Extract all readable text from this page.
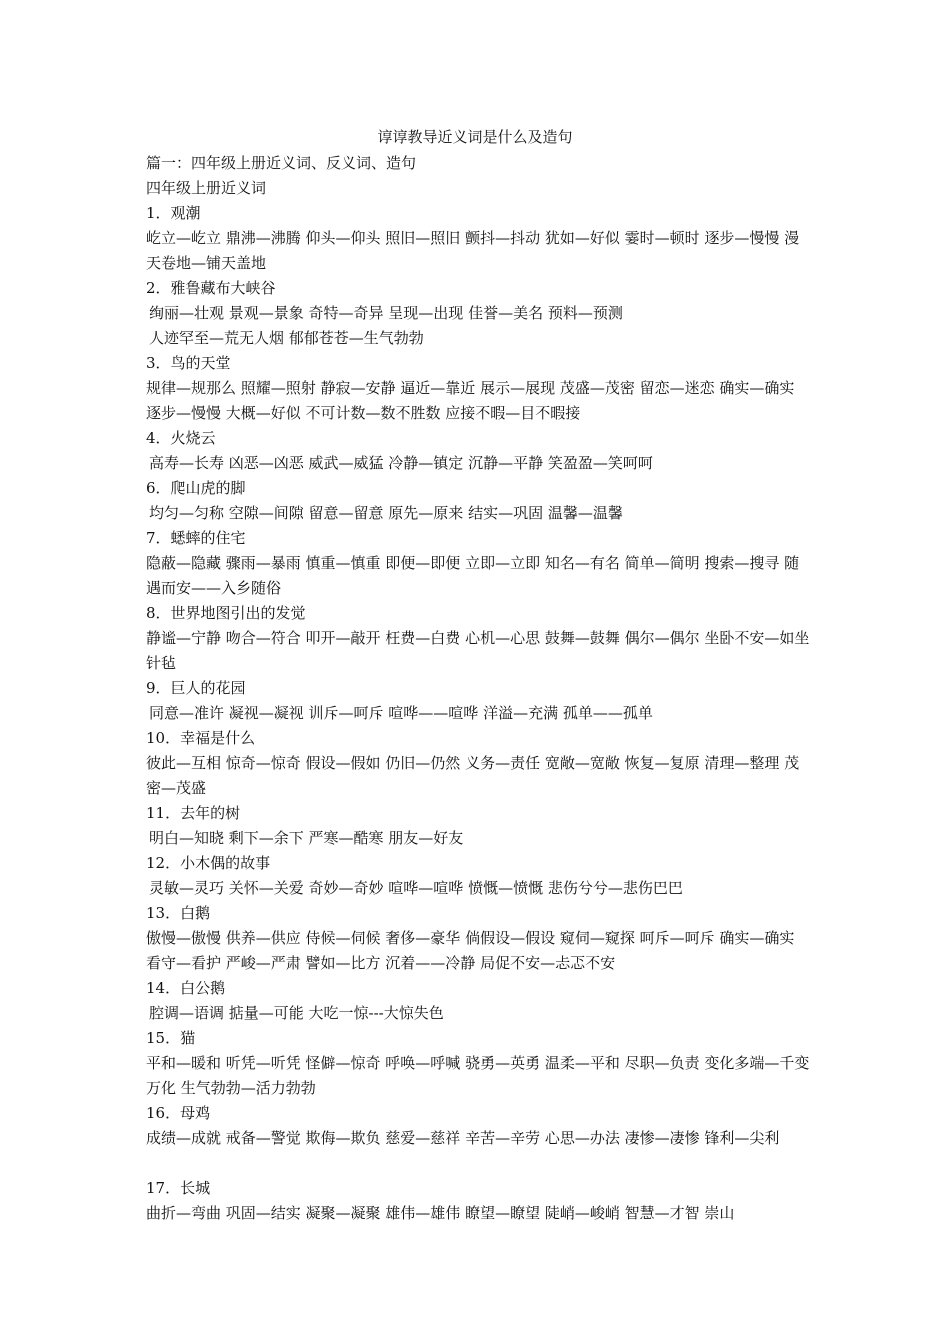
谆谆教导近义词是什么及造句
篇一：四年级上册近义词、反义词、造句
四年级上册近义词
1．观潮
屹立—屹立 鼎沸—沸腾 仰头—仰头 照旧—照旧 颤抖—抖动 犹如—好似 霎时—顿时 逐步—慢慢 漫天卷地—铺天盖地
2．雅鲁藏布大峡谷
绚丽—壮观 景观—景象 奇特—奇异 呈现—出现 佳誉—美名 预料—预测
人迹罕至—荒无人烟 郁郁苍苍—生气勃勃
3．鸟的天堂
规律—规那么 照耀—照射 静寂—安静 逼近—靠近 展示—展现 茂盛—茂密 留恋—迷恋 确实—确实 逐步—慢慢 大概—好似 不可计数—数不胜数 应接不暇—目不暇接
4．火烧云
高寿—长寿 凶恶—凶恶 威武—威猛 冷静—镇定 沉静—平静 笑盈盈—笑呵呵
6．爬山虎的脚
均匀—匀称 空隙—间隙 留意—留意 原先—原来 结实—巩固 温馨—温馨
7．蟋蟀的住宅
隐蔽—隐藏 骤雨—暴雨 慎重—慎重 即便—即便 立即—立即 知名—有名 简单—简明 搜索—搜寻 随遇而安——入乡随俗
8．世界地图引出的发觉
静谧—宁静 吻合—符合 叩开—敲开 枉费—白费 心机—心思 鼓舞—鼓舞 偶尔—偶尔 坐卧不安—如坐针毡
9．巨人的花园
同意—准许 凝视—凝视 训斥—呵斥 喧哗——喧哗 洋溢—充满 孤单——孤单
10．幸福是什么
彼此—互相 惊奇—惊奇 假设—假如 仍旧—仍然 义务—责任 宽敞—宽敞 恢复—复原 清理—整理 茂密—茂盛
11．去年的树
明白—知晓 剩下—余下 严寒—酷寒 朋友—好友
12．小木偶的故事
灵敏—灵巧 关怀—关爱 奇妙—奇妙 喧哗—喧哗 愤慨—愤慨 悲伤兮兮—悲伤巴巴
13．白鹅
傲慢—傲慢 供养—供应 侍候—伺候 奢侈—豪华 倘假设—假设 窥伺—窥探 呵斥—呵斥 确实—确实 看守—看护 严峻—严肃 譬如—比方 沉着——冷静 局促不安—忐忑不安
14．白公鹅
腔调—语调 掂量—可能 大吃一惊---大惊失色
15．猫
平和—暖和 听凭—听凭 怪僻—惊奇 呼唤—呼喊 骁勇—英勇 温柔—平和 尽职—负责 变化多端—千变万化 生气勃勃—活力勃勃
16．母鸡
成绩—成就 戒备—警觉 欺侮—欺负 慈爱—慈祥 辛苦—辛劳 心思—办法 凄惨—凄惨 锋利—尖利
17．长城
曲折—弯曲 巩固—结实 凝聚—凝聚 雄伟—雄伟 瞭望—瞭望 陡峭—峻峭 智慧—才智 崇山
